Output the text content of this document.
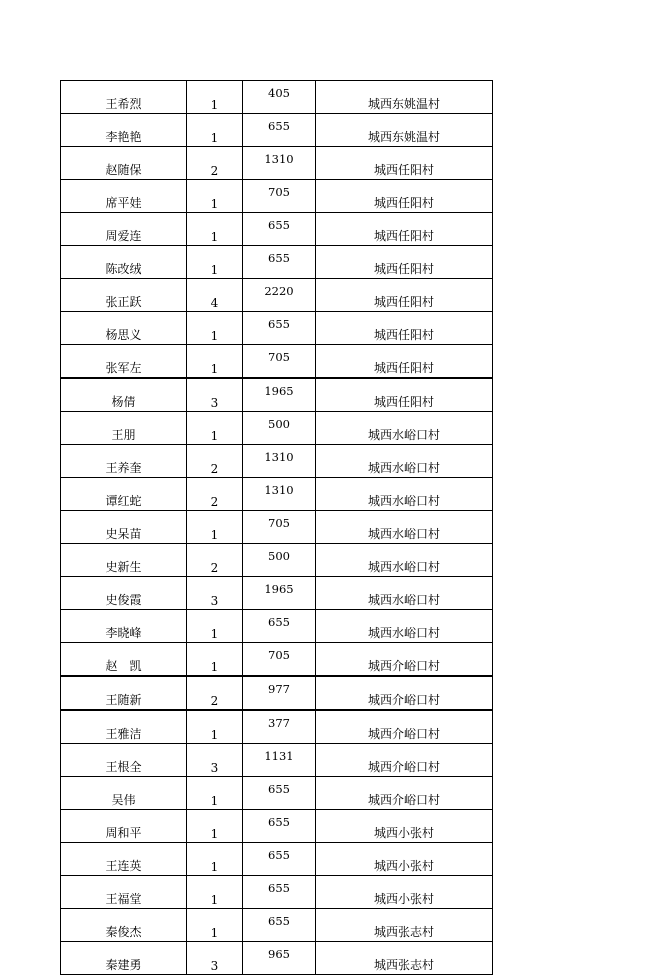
王希烈	1	405	城西东姚温村
李艳艳	1	655	城西东姚温村
赵随保	2	1310	城西任阳村
席平娃	1	705	城西任阳村
周爱连	1	655	城西任阳村
陈改绒	1	655	城西任阳村
张正跃	4	2220	城西任阳村
杨思义	1	655	城西任阳村
张军左	1	705	城西任阳村
杨倩	3	1965	城西任阳村
王朋	1	500	城西水峪口村
王养奎	2	1310	城西水峪口村
谭红蛇	2	1310	城西水峪口村
史呆苗	1	705	城西水峪口村
史新生	2	500	城西水峪口村
史俊霞	3	1965	城西水峪口村
李晓峰	1	655	城西水峪口村
赵　凯	1	705	城西介峪口村
王随新	2	977	城西介峪口村
王雅洁	1	377	城西介峪口村
王根全	3	1131	城西介峪口村
吴伟	1	655	城西介峪口村
周和平	1	655	城西小张村
王连英	1	655	城西小张村
王福堂	1	655	城西小张村
秦俊杰	1	655	城西张志村
秦建勇	3	965	城西张志村
